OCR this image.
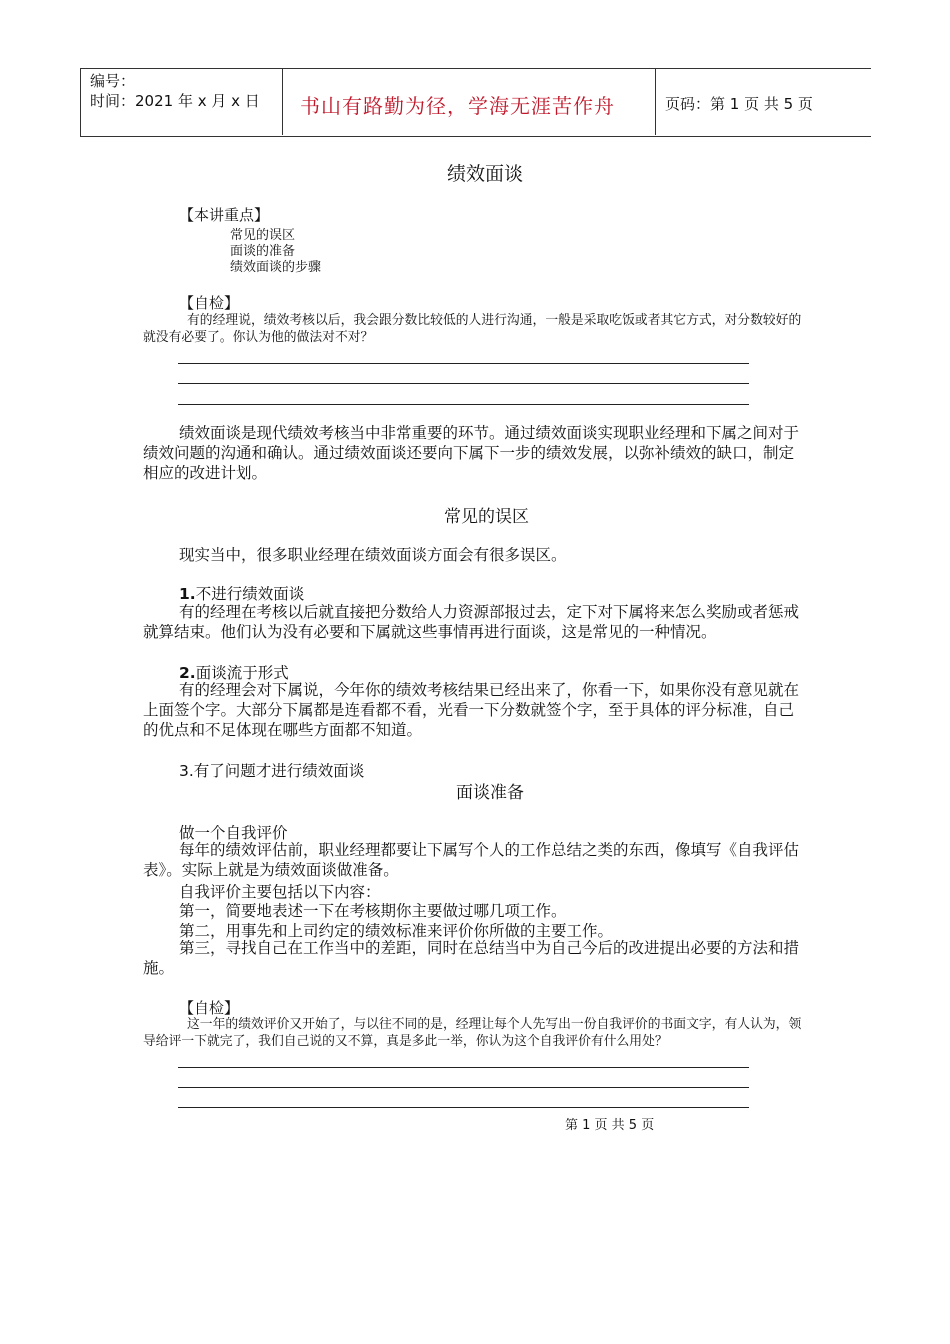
编号：
时间：2021 年 x 月 x 日 书山有路勤为径，学海无涯苦作舟	页码：第 1 页 共 5 页
绩效面谈
【本讲重点】
常见的误区
面谈的准备
绩效面谈的步骤
【自检】
有的经理说，绩效考核以后，我会跟分数比较低的人进行沟通，一般是采取吃饭或者其它方式，对分数较好的就没有必要了。你认为他的做法对不对？
绩效面谈是现代绩效考核当中非常重要的环节。通过绩效面谈实现职业经理和下属之间对于绩效问题的沟通和确认。通过绩效面谈还要向下属下一步的绩效发展，以弥补绩效的缺口，制定相应的改进计划。
常见的误区
现实当中，很多职业经理在绩效面谈方面会有很多误区。
1.不进行绩效面谈
有的经理在考核以后就直接把分数给人力资源部报过去，定下对下属将来怎么奖励或者惩戒就算结束。他们认为没有必要和下属就这些事情再进行面谈，这是常见的一种情况。
2.面谈流于形式
有的经理会对下属说，今年你的绩效考核结果已经出来了，你看一下，如果你没有意见就在上面签个字。大部分下属都是连看都不看，光看一下分数就签个字，至于具体的评分标准，自己的优点和不足体现在哪些方面都不知道。
3.有了问题才进行绩效面谈
面谈准备
做一个自我评价
每年的绩效评估前，职业经理都要让下属写个人的工作总结之类的东西，像填写《自我评估表》。实际上就是为绩效面谈做准备。
自我评价主要包括以下内容：
第一，简要地表述一下在考核期你主要做过哪几项工作。
第二，用事先和上司约定的绩效标准来评价你所做的主要工作。
第三，寻找自己在工作当中的差距，同时在总结当中为自己今后的改进提出必要的方法和措施。
【自检】
这一年的绩效评价又开始了，与以往不同的是，经理让每个人先写出一份自我评价的书面文字，有人认为，领导给评一下就完了，我们自己说的又不算，真是多此一举，你认为这个自我评价有什么用处？
第 1 页 共 5 页
